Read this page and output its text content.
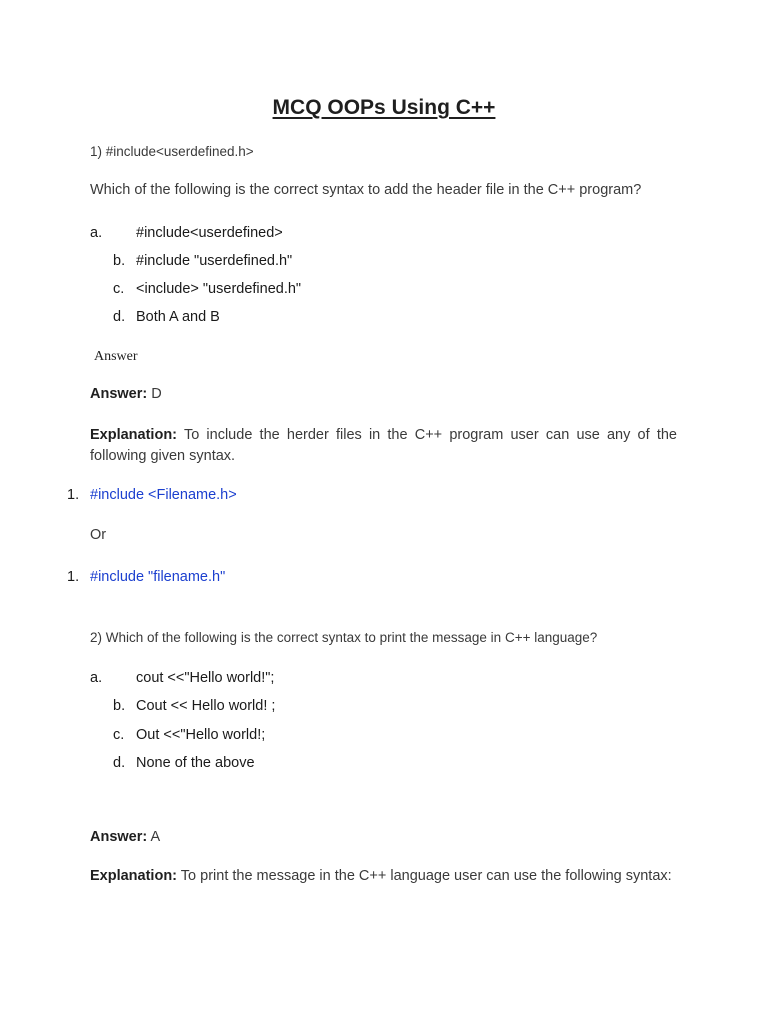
MCQ OOPs Using C++
1) #include<userdefined.h>
Which of the following is the correct syntax to add the header file in the C++ program?
a. #include<userdefined>
b. #include "userdefined.h"
c. <include> "userdefined.h"
d. Both A and B
Answer
Answer: D
Explanation: To include the herder files in the C++ program user can use any of the following given syntax.
1. #include <Filename.h>
Or
1. #include "filename.h"
2) Which of the following is the correct syntax to print the message in C++ language?
a. cout <<"Hello world!";
b. Cout << Hello world! ;
c. Out <<"Hello world!;
d. None of the above
Answer: A
Explanation: To print the message in the C++ language user can use the following syntax:
